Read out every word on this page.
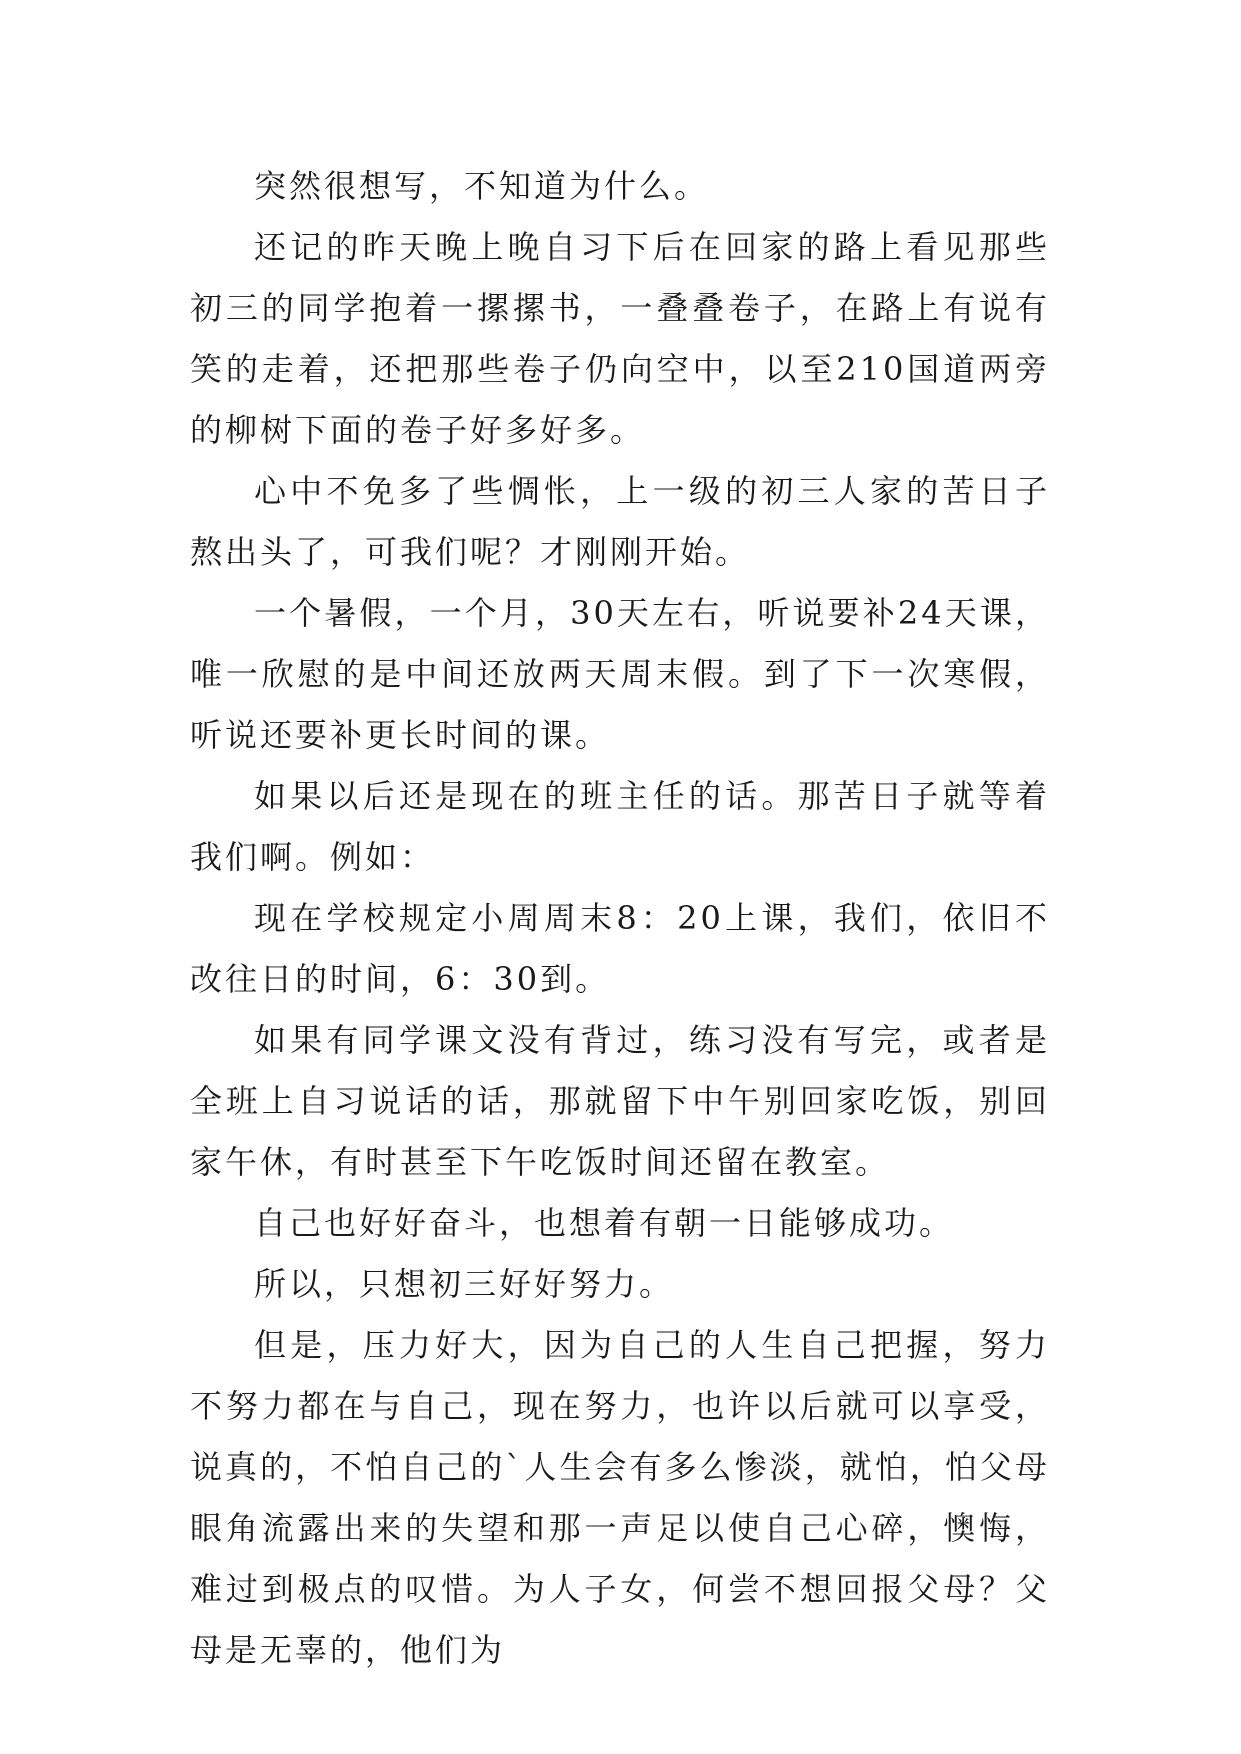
突然很想写，不知道为什么。

还记的昨天晚上晚自习下后在回家的路上看见那些初三的同学抱着一摞摞书，一叠叠卷子，在路上有说有笑的走着，还把那些卷子仍向空中，以至210国道两旁的柳树下面的卷子好多好多。

心中不免多了些惆怅，上一级的初三人家的苦日子熬出头了，可我们呢？才刚刚开始。

一个暑假，一个月，30天左右，听说要补24天课，唯一欣慰的是中间还放两天周末假。到了下一次寒假，听说还要补更长时间的课。

如果以后还是现在的班主任的话。那苦日子就等着我们啊。例如：

现在学校规定小周周末8：20上课，我们，依旧不改往日的时间，6：30到。

如果有同学课文没有背过，练习没有写完，或者是全班上自习说话的话，那就留下中午别回家吃饭，别回家午休，有时甚至下午吃饭时间还留在教室。

自己也好好奋斗，也想着有朝一日能够成功。

所以，只想初三好好努力。

但是，压力好大，因为自己的人生自己把握，努力不努力都在与自己，现在努力，也许以后就可以享受，说真的，不怕自己的`人生会有多么惨淡，就怕，怕父母眼角流露出来的失望和那一声足以使自己心碎，懊悔，难过到极点的叹惜。为人子女，何尝不想回报父母？父母是无辜的，他们为
